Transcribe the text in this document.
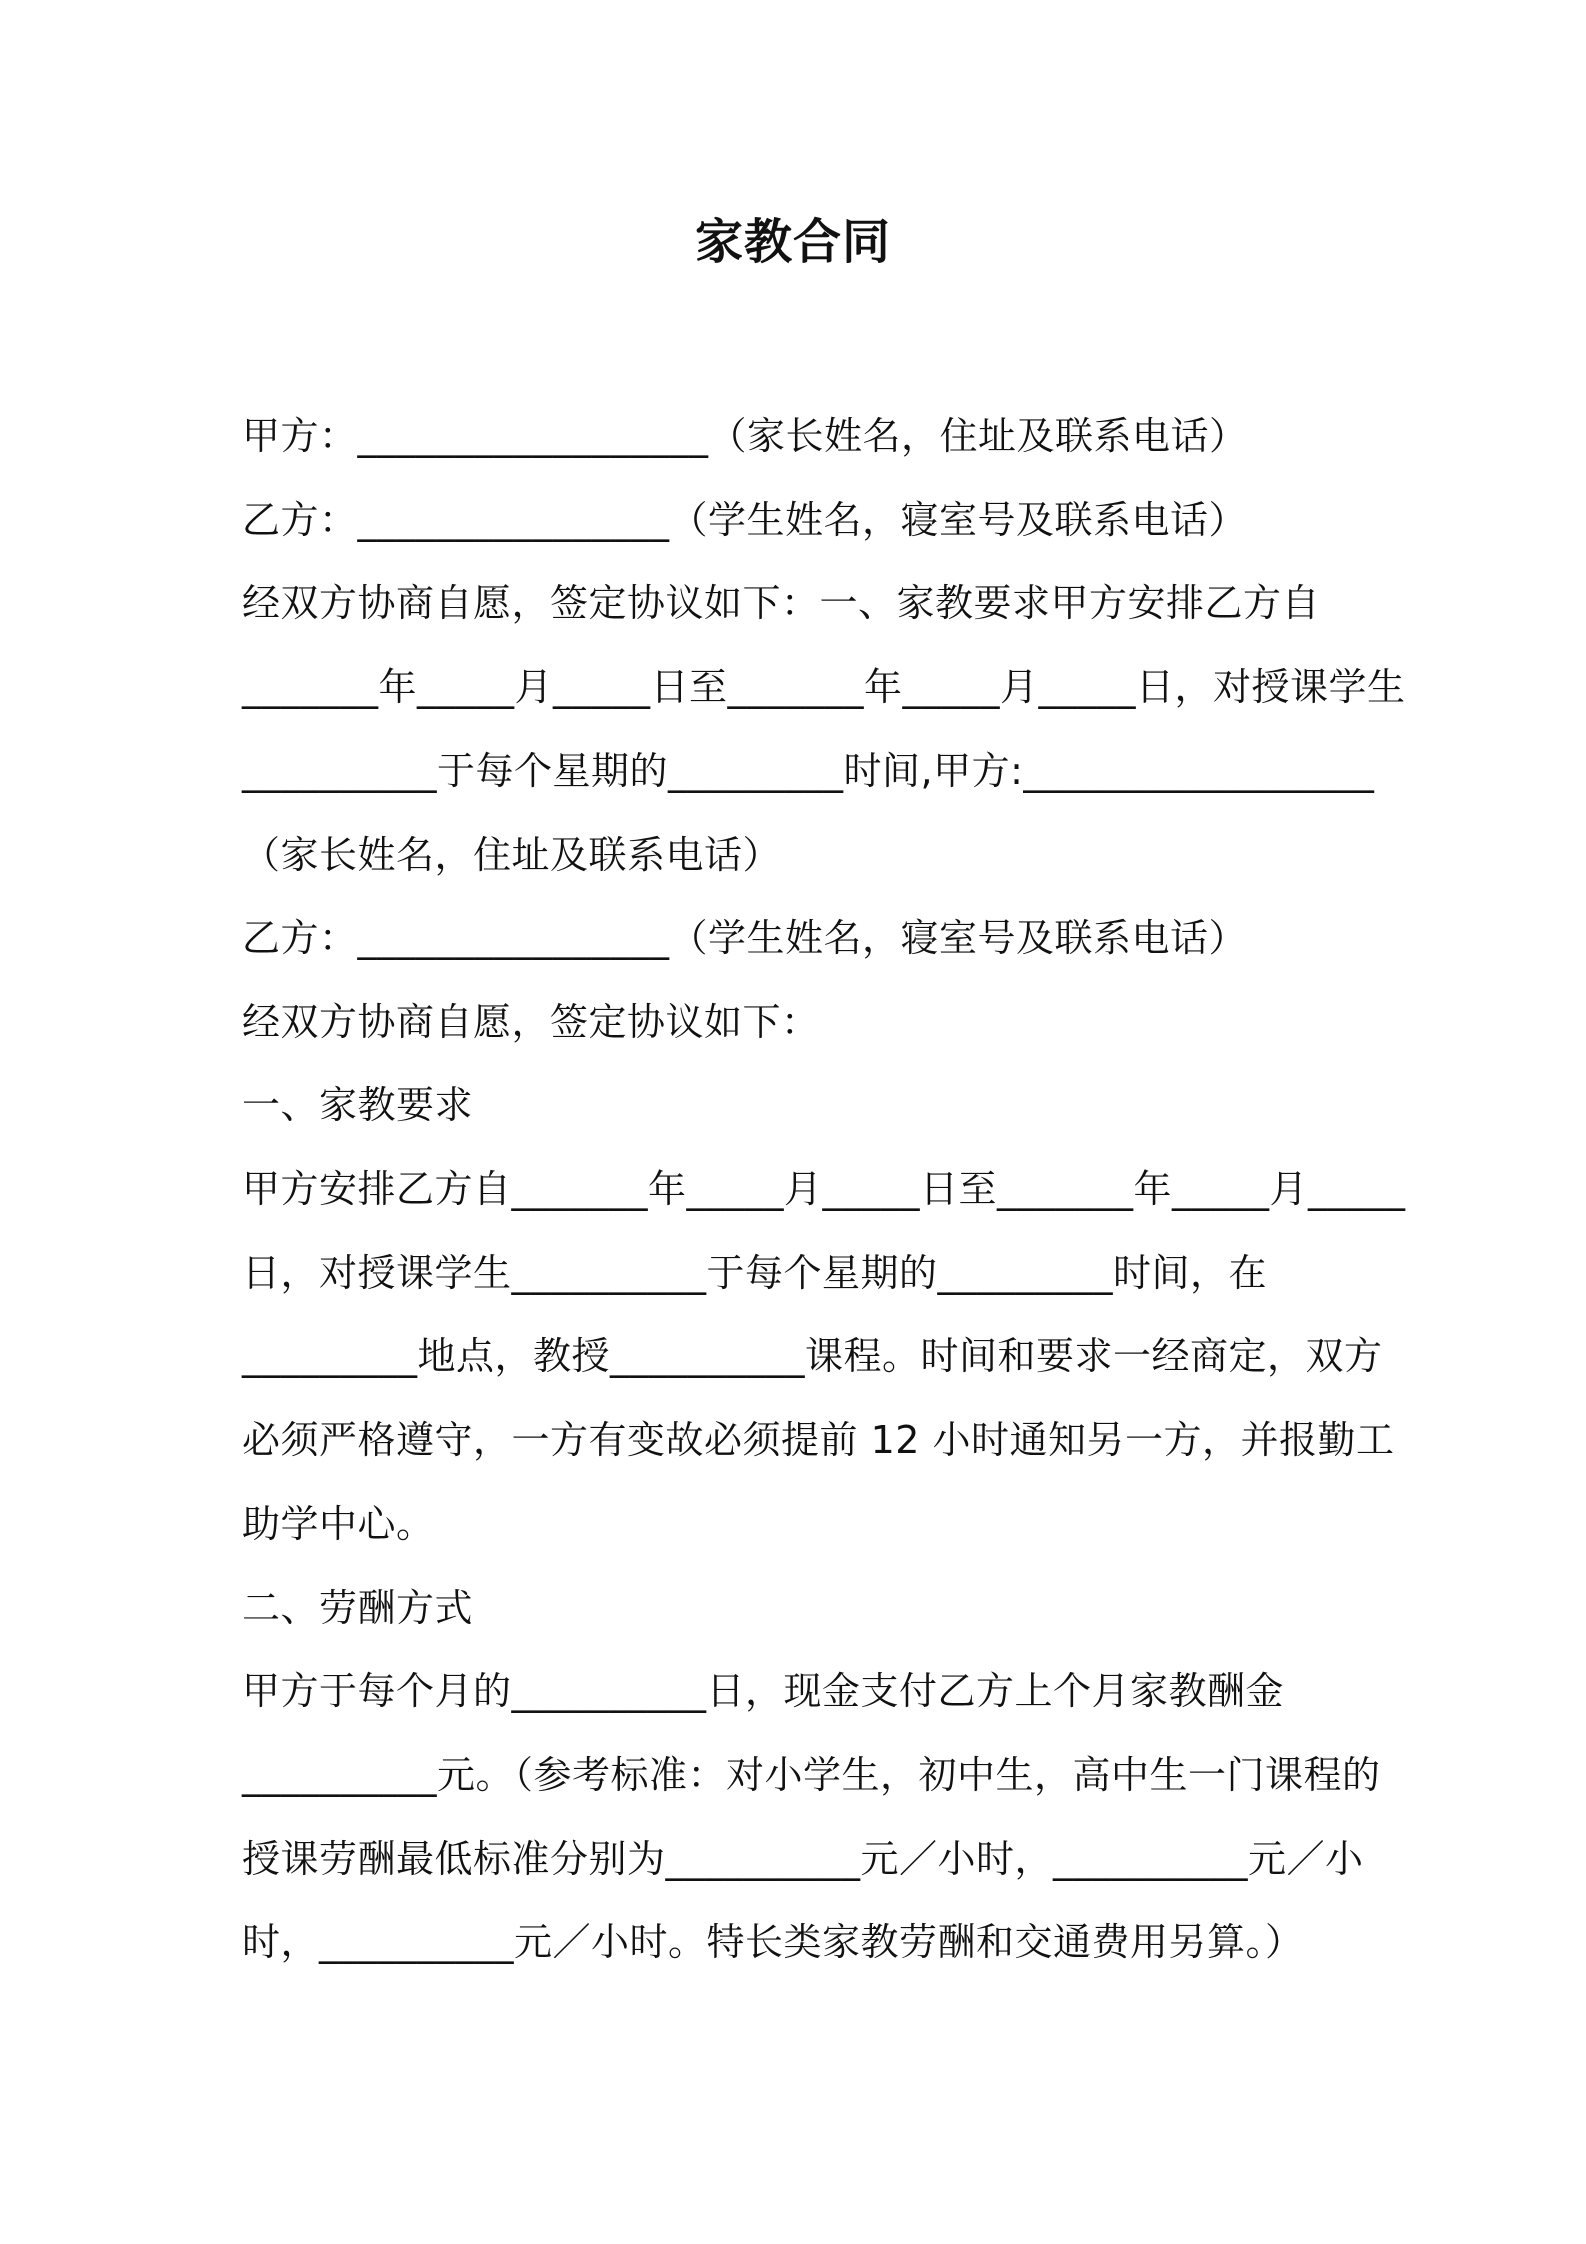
家教合同
甲方：__________________（家长姓名，住址及联系电话）
乙方：________________（学生姓名，寝室号及联系电话）
经双方协商自愿，签定协议如下：一、家教要求甲方安排乙方自
_______年_____月_____日至_______年_____月_____日，对授课学生
__________于每个星期的_________时间,甲方:__________________
（家长姓名，住址及联系电话）
乙方：________________（学生姓名，寝室号及联系电话）
经双方协商自愿，签定协议如下：
一、家教要求
甲方安排乙方自_______年_____月_____日至_______年_____月_____
日，对授课学生__________于每个星期的_________时间，在
_________地点，教授__________课程。时间和要求一经商定，双方
必须严格遵守，一方有变故必须提前 12 小时通知另一方，并报勤工
助学中心。
二、劳酬方式
甲方于每个月的__________日，现金支付乙方上个月家教酬金
__________元。（参考标准：对小学生，初中生，高中生一门课程的
授课劳酬最低标准分别为__________元／小时，__________元／小
时，__________元／小时。特长类家教劳酬和交通费用另算。）
